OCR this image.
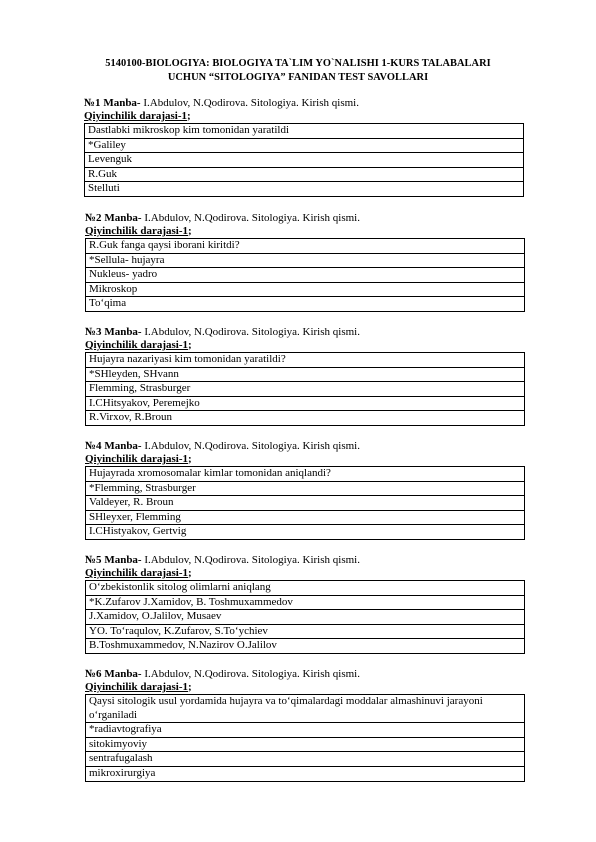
5140100-BIOLOGIYA: BIOLOGIYA TA`LIM YO`NALISHI 1-KURS TALABALARI
UCHUN “SITOLOGIYA” FANIDAN TEST SAVOLLARI
№1 Manba- I.Abdulov, N.Qodirova. Sitologiya. Kirish qismi.
Qiyinchilik darajasi-1;
Dastlabki mikroskop kim tomonidan yaratildi
*Galiley
Levenguk
R.Guk
Stelluti
№2 Manba- I.Abdulov, N.Qodirova. Sitologiya. Kirish qismi.
Qiyinchilik darajasi-1;
R.Guk fanga qaysi iborani kiritdi?
*Sellula- hujayra
Nukleus- yadro
Mikroskop
To‘qima
№3 Manba- I.Abdulov, N.Qodirova. Sitologiya. Kirish qismi.
Qiyinchilik darajasi-1;
Hujayra nazariyasi kim tomonidan yaratildi?
*SHleyden, SHvann
Flemming, Strasburger
I.CHitsyakov, Peremejko
R.Virxov, R.Broun
№4 Manba- I.Abdulov, N.Qodirova. Sitologiya. Kirish qismi.
Qiyinchilik darajasi-1;
Hujayrada xromosomalar kimlar tomonidan aniqlandi?
*Flemming, Strasburger
Valdeyer, R. Broun
SHleyxer, Flemming
I.CHistyakov, Gertvig
№5 Manba- I.Abdulov, N.Qodirova. Sitologiya. Kirish qismi.
Qiyinchilik darajasi-1;
O‘zbekistonlik sitolog olimlarni aniqlang
*K.Zufarov J.Xamidov, B. Toshmuxammedov
J.Xamidov, O.Jalilov, Musaev
YO. To‘raqulov, K.Zufarov, S.To‘ychiev
B.Toshmuxammedov, N.Nazirov O.Jalilov
№6 Manba- I.Abdulov, N.Qodirova. Sitologiya. Kirish qismi.
Qiyinchilik darajasi-1;
Qaysi sitologik usul yordamida hujayra va to‘qimalardagi moddalar almashinuvi jarayoni o‘rganiladi
*radiavtografiya
sitokimyoviy
sentrafugalash
mikroxirurgiya
